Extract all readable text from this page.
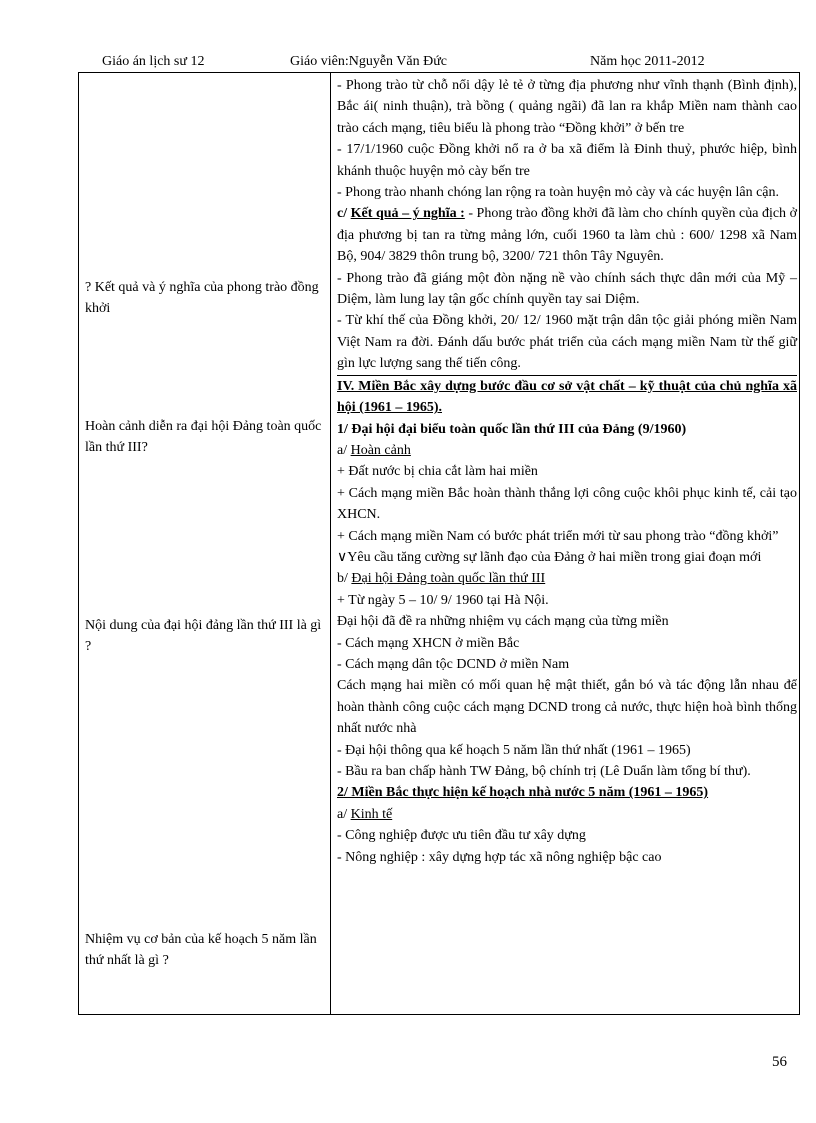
Giáo án lịch sư 12	Giáo viên:Nguyễn Văn Đức	Năm học 2011-2012
? Kết quả và ý nghĩa của phong trào đồng khởi
Hoàn cảnh diễn ra đại hội Đảng toàn quốc lần thứ III?
Nội dung của đại hội đảng lần thứ III là gì ?
Nhiệm vụ cơ bản của kế hoạch 5 năm lần thứ nhất là gì ?

- Phong trào từ chỗ nổi dậy lẻ tẻ ở từng địa phương như vĩnh thạnh (Bình định), Bắc ái( ninh thuận), trà bồng ( quảng ngãi) đã lan ra khắp Miền nam thành cao trào cách mạng, tiêu biểu là phong trào “Đồng khởi” ở bến tre

- 17/1/1960 cuộc Đồng khởi nổ ra ở ba xã điểm là Đinh thuỷ, phước hiệp, bình khánh thuộc huyện mỏ cày bến tre

- Phong trào nhanh chóng lan rộng ra toàn huyện mỏ cày và các huyện lân cận.

c/ Kết quả – ý nghĩa : - Phong trào đồng khởi đã làm cho chính quyền của địch ở địa phương bị tan ra từng mảng lớn, cuối 1960 ta làm chủ : 600/ 1298 xã Nam Bộ, 904/ 3829 thôn trung bộ, 3200/ 721 thôn Tây Nguyên.

- Phong trào đã giáng một đòn nặng nề vào chính sách thực dân mới của Mỹ – Diệm, làm lung lay tận gốc chính quyền tay sai Diệm.

- Từ khí thế của Đồng khởi, 20/ 12/ 1960 mặt trận dân tộc giải phóng miền Nam Việt Nam ra đời. Đánh dấu bước phát triển của cách mạng miền Nam từ thế giữ gìn lực lượng sang thế tiến công.

IV. Miền Bắc xây dựng bước đầu cơ sở vật chất – kỹ thuật của chủ nghĩa xã hội (1961 – 1965).

1/ Đại hội đại biểu toàn quốc lần thứ III của Đảng (9/1960)

a/ Hoàn cảnh

+ Đất nước bị chia cắt làm hai miền

+ Cách mạng miền Bắc hoàn thành thắng lợi công cuộc khôi phục kinh tế, cải tạo XHCN.

+ Cách mạng miền Nam có bước phát triển mới từ sau phong trào “đồng khởi”

∨Yêu cầu tăng cường sự lãnh đạo của Đảng ở hai miền trong giai đoạn mới

b/ Đại hội Đảng toàn quốc lần thứ III

+ Từ ngày 5 – 10/ 9/ 1960 tại Hà Nội.

Đại hội đã đề ra những nhiệm vụ cách mạng của từng miền

- Cách mạng XHCN ở miền Bắc

- Cách mạng dân tộc DCND ở miền Nam

Cách mạng hai miền có mối quan hệ mật thiết, gắn bó và tác động lẫn nhau để hoàn thành công cuộc cách mạng DCND trong cả nước, thực hiện hoà bình thống nhất nước nhà

- Đại hội thông qua kế hoạch 5 năm lần thứ nhất (1961 – 1965)

- Bầu ra ban chấp hành TW Đảng, bộ chính trị (Lê Duẩn làm tổng bí thư).

2/ Miền Bắc thực hiện kế hoạch nhà nước 5 năm (1961 – 1965)

a/ Kinh tế

- Công nghiệp được ưu tiên đầu tư xây dựng

- Nông nghiệp : xây dựng hợp tác xã nông nghiệp bậc cao

56
